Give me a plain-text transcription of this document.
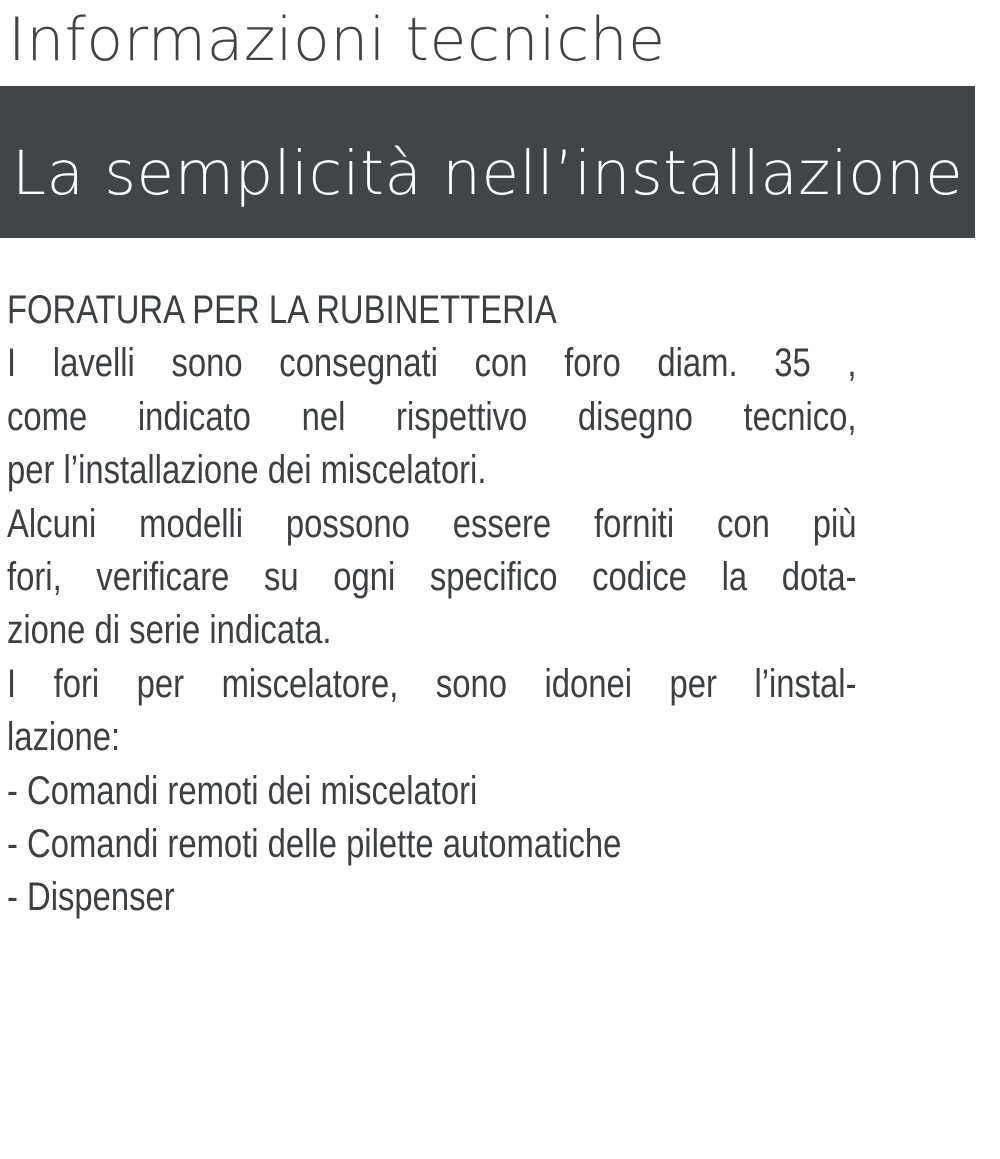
Informazioni tecniche
La semplicità nell’installazione
FORATURA PER LA RUBINETTERIA
I lavelli sono consegnati con foro diam. 35 ,
come indicato nel rispettivo disegno tecnico,
per l’installazione dei miscelatori.
Alcuni modelli possono essere forniti con più
fori, verificare su ogni specifico codice la dota-
zione di serie indicata.
I fori per miscelatore, sono idonei per l’instal-
lazione:
- Comandi remoti dei miscelatori
- Comandi remoti delle pilette automatiche
- Dispenser
